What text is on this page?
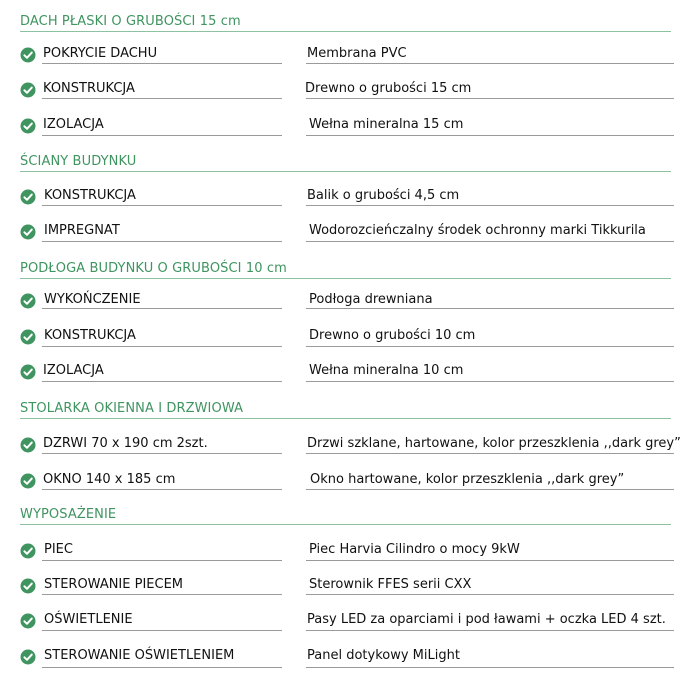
DACH PŁASKI O GRUBOŚCI 15 cm
POKRYCIE DACHU	Membrana PVC
KONSTRUKCJA	Drewno o grubości 15 cm
IZOLACJA	Wełna mineralna 15 cm
ŚCIANY BUDYNKU
KONSTRUKCJA	Balik o grubości 4,5 cm
IMPREGNAT	Wodorozcieńczalny środek ochronny marki Tikkurila
PODŁOGA BUDYNKU O GRUBOŚCI 10 cm
WYKOŃCZENIE	Podłoga drewniana
KONSTRUKCJA	Drewno o grubości 10 cm
IZOLACJA	Wełna mineralna 10 cm
STOLARKA OKIENNA I DRZWIOWA
DZRWI 70 x 190 cm 2szt.	Drzwi szklane, hartowane, kolor przeszklenia ,,dark grey”
OKNO 140 x 185 cm	Okno hartowane, kolor przeszklenia ,,dark grey”
WYPOSAŻENIE
PIEC	Piec Harvia Cilindro o mocy 9kW
STEROWANIE PIECEM	Sterownik FFES serii CXX
OŚWIETLENIE	Pasy LED za oparciami i pod ławami + oczka LED 4 szt.
STEROWANIE OŚWIETLENIEM	Panel dotykowy MiLight
